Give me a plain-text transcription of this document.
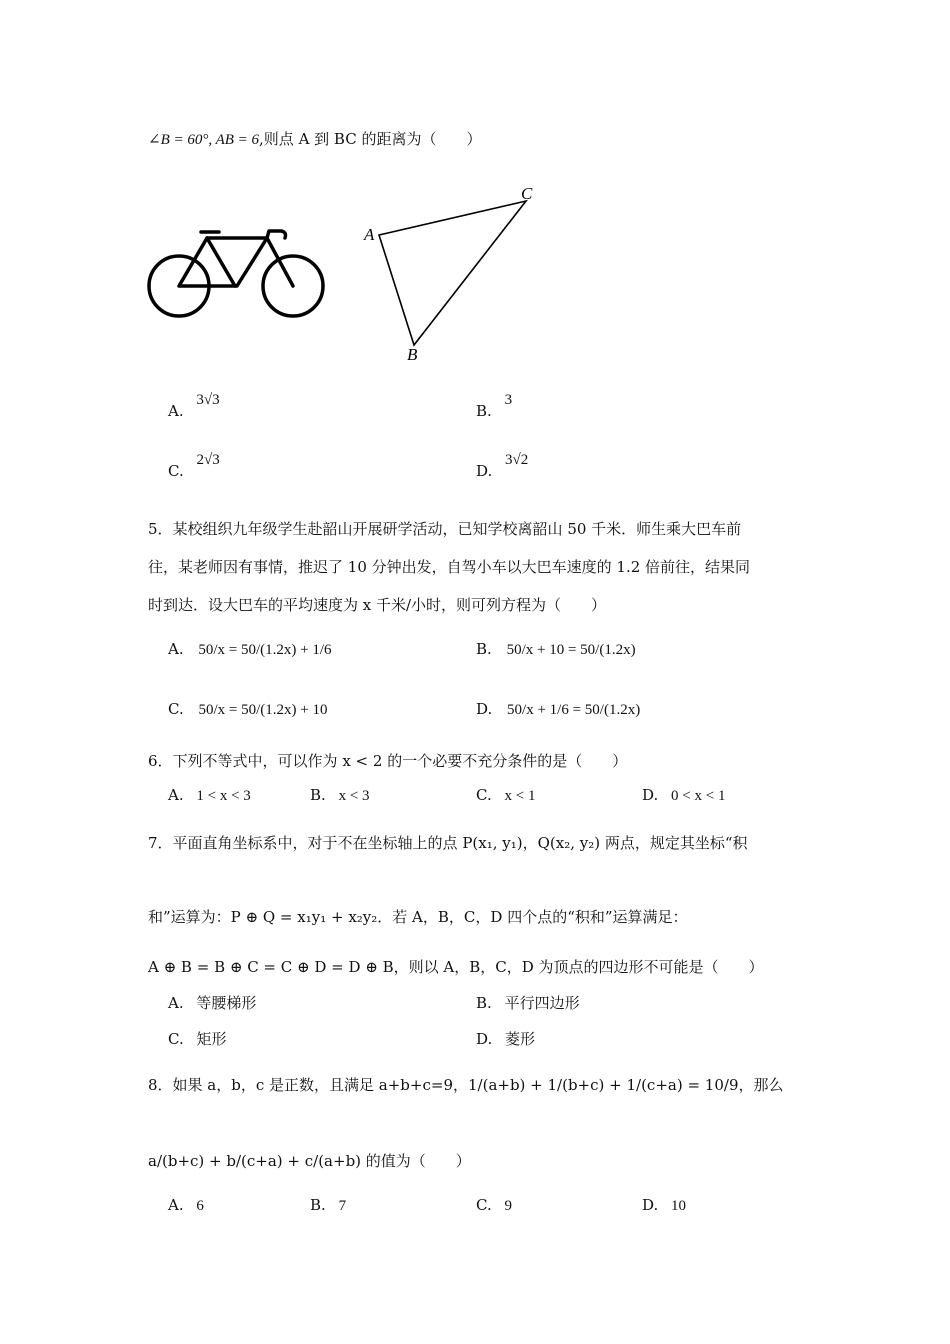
∠B = 60°, AB = 6,则点 A 到 BC 的距离为（　　）
A
B
C
A. 3√3
B. 3
C. 2√3
D. 3√2
5．某校组织九年级学生赴韶山开展研学活动，已知学校离韶山 50 千米．师生乘大巴车前
往，某老师因有事情，推迟了 10 分钟出发，自驾小车以大巴车速度的 1.2 倍前往，结果同
时到达．设大巴车的平均速度为 x 千米/小时，则可列方程为（　　）
A. 50/x = 50/(1.2x) + 1/6	B. 50/x + 10 = 50/(1.2x)
C. 50/x = 50/(1.2x) + 10	D. 50/x + 1/6 = 50/(1.2x)
6．下列不等式中，可以作为 x < 2 的一个必要不充分条件的是（　　）
A. 1 < x < 3	B. x < 3	C. x < 1	D. 0 < x < 1
7．平面直角坐标系中，对于不在坐标轴上的点 P(x₁, y₁)，Q(x₂, y₂) 两点，规定其坐标“积
和”运算为：P ⊕ Q = x₁y₁ + x₂y₂．若 A，B，C，D 四个点的“积和”运算满足：
A ⊕ B = B ⊕ C = C ⊕ D = D ⊕ B，则以 A，B，C，D 为顶点的四边形不可能是（　　）
A. 等腰梯形	B. 平行四边形
C. 矩形	D. 菱形
8．如果 a，b，c 是正数，且满足 a+b+c=9，1/(a+b) + 1/(b+c) + 1/(c+a) = 10/9，那么
a/(b+c) + b/(c+a) + c/(a+b) 的值为（　　）
A. 6	B. 7	C. 9	D. 10
